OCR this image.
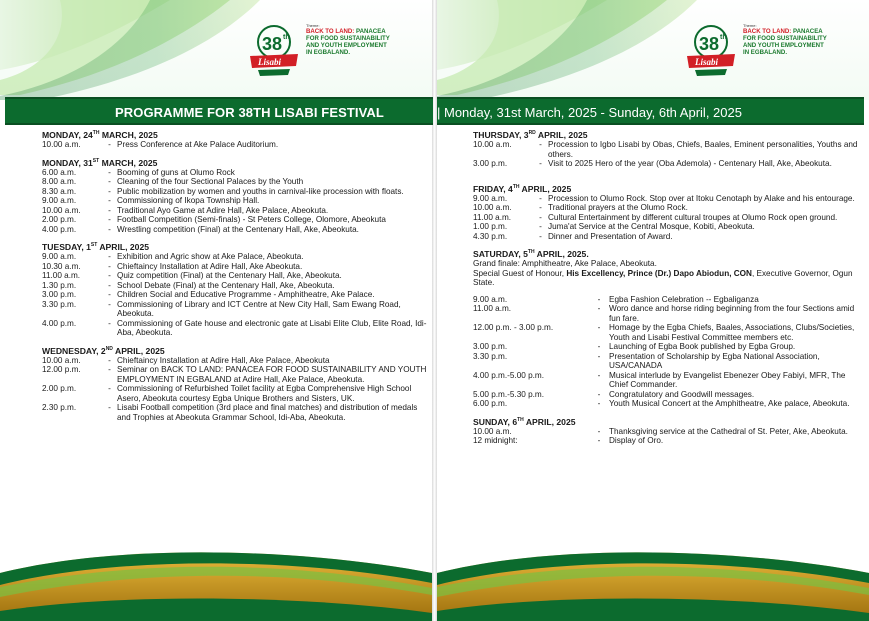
38 th
Lisabi
Theme:
BACK TO LAND: PANACEA
FOR FOOD SUSTAINABILITY
AND YOUTH EMPLOYMENT
IN EGBALAND.
MONDAY, 24TH MARCH, 2025
10.00 a.m.	- Press Conference at Ake Palace Auditorium.
MONDAY, 31ST MARCH, 2025
6.00 a.m.	- Booming of guns at Olumo Rock
8.00 a.m.	- Cleaning of the four Sectional Palaces by the Youth
8.30 a.m.	- Public mobilization by women and youths in carnival-like procession with floats.
9.00 a.m.	- Commissioning of Ikopa Township Hall.
10.00 a.m.	- Traditional Ayo Game at Adire Hall, Ake Palace, Abeokuta.
2.00 p.m.	- Football Competition (Semi-finals) - St Peters College, Olomore, Abeokuta
4.00 p.m.	- Wrestling competition (Final) at the Centenary Hall, Ake, Abeokuta.
TUESDAY, 1ST APRIL, 2025
9.00 a.m.	- Exhibition and Agric show at Ake Palace, Abeokuta.
10.30 a.m.	- Chieftaincy Installation at Adire Hall, Ake Abeokuta.
11.00 a.m.	- Quiz competition (Final) at the Centenary Hall, Ake, Abeokuta.
1.30 p.m.	- School Debate (Final) at the Centenary Hall, Ake, Abeokuta.
3.00 p.m.	- Children Social and Educative Programme - Amphitheatre, Ake Palace.
3.30 p.m.	- Commissioning of Library and ICT Centre at New City Hall, Sam Ewang Road, Abeokuta.
4.00 p.m.	- Commissioning of Gate house and electronic gate at Lisabi Elite Club, Elite Road, Idi-Aba, Abeokuta.
WEDNESDAY, 2ND APRIL, 2025
10.00 a.m.	- Chieftaincy Installation at Adire Hall, Ake Palace, Abeokuta
12.00 p.m.	- Seminar on BACK TO LAND: PANACEA FOR FOOD SUSTAINABILITY AND YOUTH EMPLOYMENT IN EGBALAND at Adire Hall, Ake Palace, Abeokuta.
2.00 p.m.	- Commissioning of Refurbished Toilet facility at Egba Comprehensive High School Asero, Abeokuta courtesy Egba Unique Brothers and Sisters, UK.
2.30 p.m.	- Lisabi Football competition (3rd place and final matches) and distribution of medals and Trophies at Abeokuta Grammar School, Idi-Aba, Abeokuta.
38 th
Lisabi
Theme:
BACK TO LAND: PANACEA
FOR FOOD SUSTAINABILITY
AND YOUTH EMPLOYMENT
IN EGBALAND.
THURSDAY, 3RD APRIL, 2025
10.00 a.m.	- Procession to Igbo Lisabi by Obas, Chiefs, Baales, Eminent personalities, Youths and others.
3.00 p.m.	- Visit to 2025 Hero of the year (Oba Ademola) - Centenary Hall, Ake, Abeokuta.
FRIDAY, 4TH APRIL, 2025
9.00 a.m.	- Procession to Olumo Rock. Stop over at Itoku Cenotaph by Alake and his entourage.
10.00 a.m.	- Traditional prayers at the Olumo Rock.
11.00 a.m.	- Cultural Entertainment by different cultural troupes at Olumo Rock open ground.
1.00 p.m.	- Juma'at Service at the Central Mosque, Kobiti, Abeokuta.
4.30 p.m.	- Dinner and Presentation of Award.
SATURDAY, 5TH APRIL, 2025.
Grand finale: Amphitheatre, Ake Palace, Abeokuta.
Special Guest of Honour, His Excellency, Prince (Dr.) Dapo Abiodun, CON, Executive Governor, Ogun State.
9.00 a.m.	-	Egba Fashion Celebration -- Egbaliganza
11.00 a.m.	-	Woro dance and horse riding beginning from the four Sections amid fun fare.
12.00 p.m. - 3.00 p.m.	-	Homage by the Egba Chiefs, Baales, Associations, Clubs/Societies, Youth and Lisabi Festival Committee members etc.
3.00 p.m.	-	Launching of Egba Book published by Egba Group.
3.30 p.m.	-	Presentation of Scholarship by Egba National Association, USA/CANADA
4.00 p.m.-5.00 p.m.	-	Musical interlude by Evangelist Ebenezer Obey Fabiyi, MFR, The Chief Commander.
5.00 p.m.-5.30 p.m.	-	Congratulatory and Goodwill messages.
6.00 p.m.	-	Youth Musical Concert at the Amphitheatre, Ake palace, Abeokuta.
SUNDAY, 6TH APRIL, 2025
10.00 a.m.	-	Thanksgiving service at the Cathedral of St. Peter, Ake, Abeokuta.
12 midnight:	-	Display of Oro.
PROGRAMME FOR 38TH LISABI FESTIVAL	| Monday, 31st March, 2025 - Sunday, 6th April, 2025
